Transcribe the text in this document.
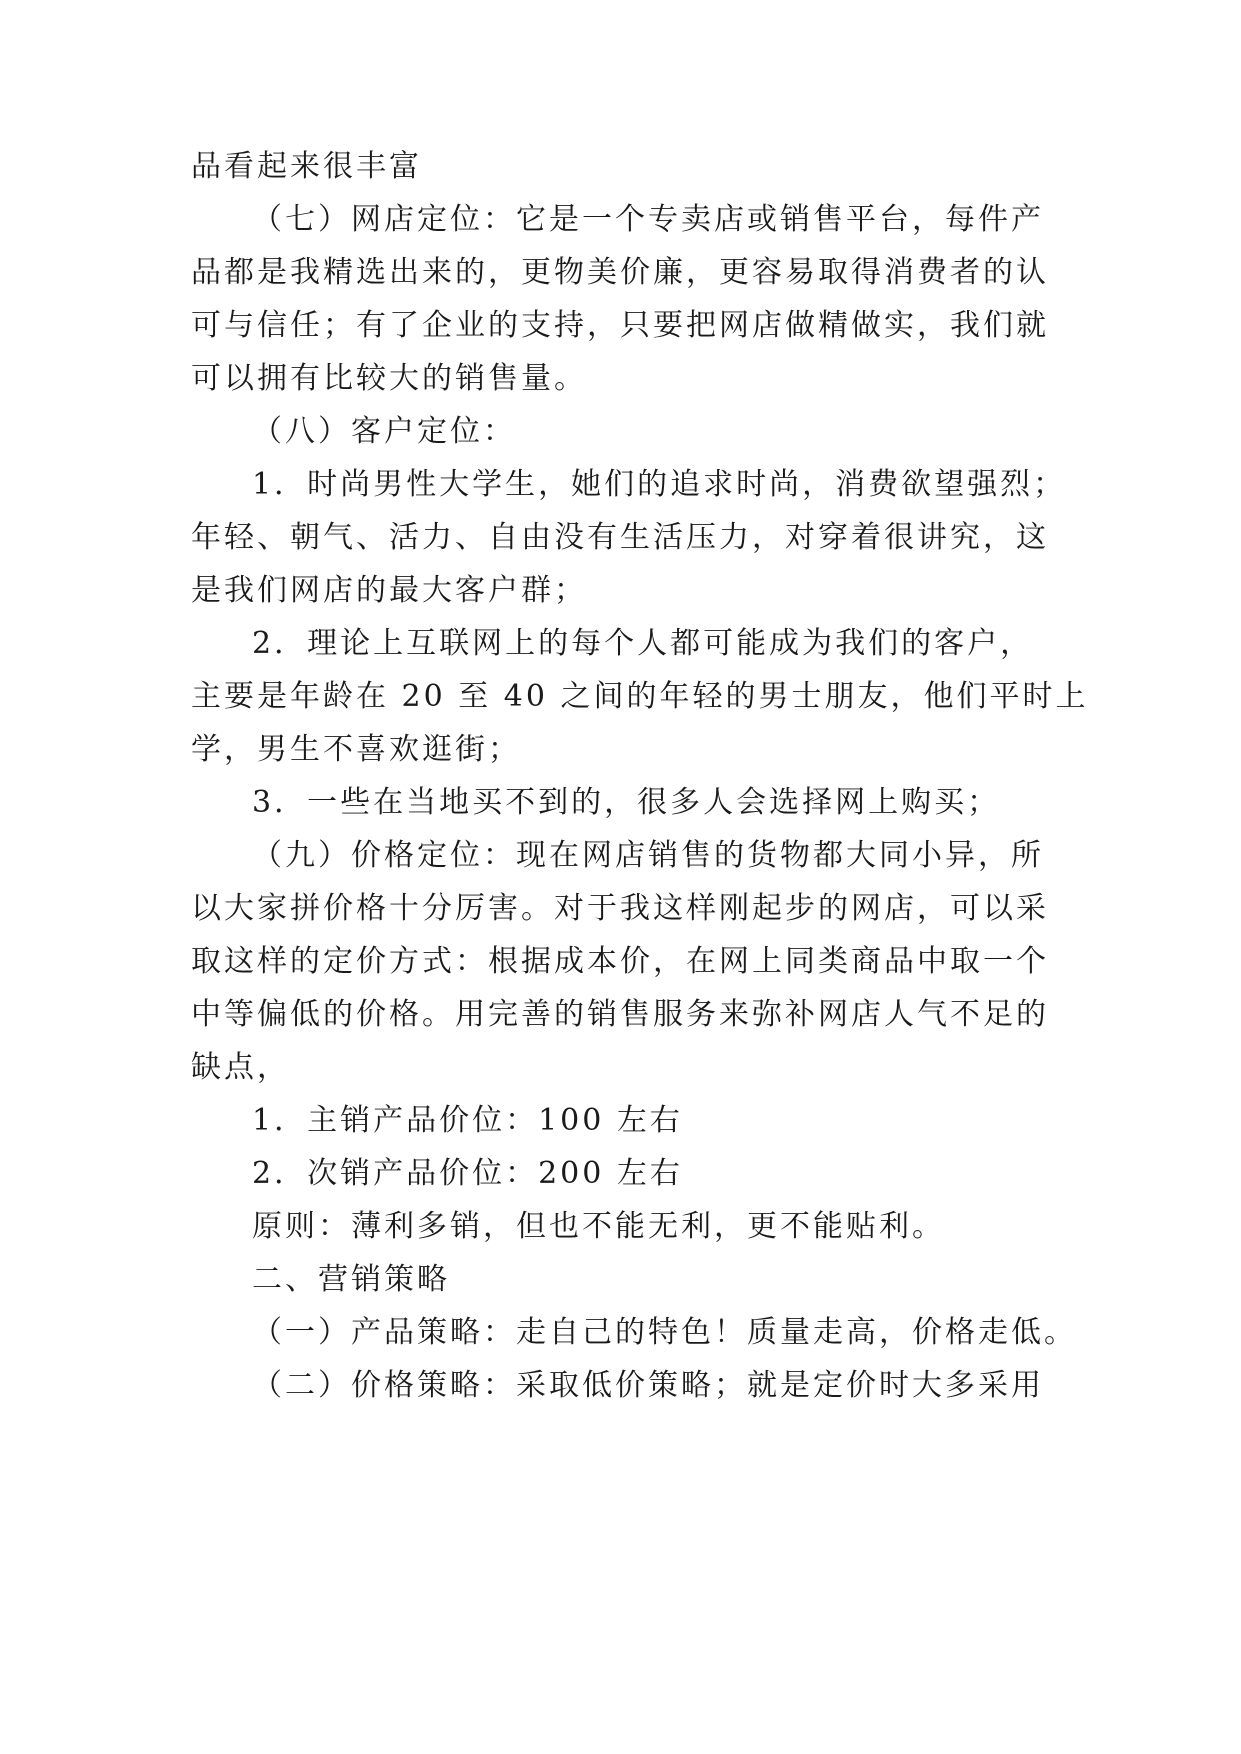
品看起来很丰富
（七）网店定位：它是一个专卖店或销售平台，每件产
品都是我精选出来的，更物美价廉，更容易取得消费者的认
可与信任；有了企业的支持，只要把网店做精做实，我们就
可以拥有比较大的销售量。
（八）客户定位：
1．时尚男性大学生，她们的追求时尚，消费欲望强烈；
年轻、朝气、活力、自由没有生活压力，对穿着很讲究，这
是我们网店的最大客户群；
2．理论上互联网上的每个人都可能成为我们的客户，
主要是年龄在 20 至 40 之间的年轻的男士朋友，他们平时上
学，男生不喜欢逛街；
3．一些在当地买不到的，很多人会选择网上购买；
（九）价格定位：现在网店销售的货物都大同小异，所
以大家拼价格十分厉害。对于我这样刚起步的网店，可以采
取这样的定价方式：根据成本价，在网上同类商品中取一个
中等偏低的价格。用完善的销售服务来弥补网店人气不足的
缺点，
1．主销产品价位：100 左右
2．次销产品价位：200 左右
原则：薄利多销，但也不能无利，更不能贴利。
二、营销策略
（一）产品策略：走自己的特色！质量走高，价格走低。
（二）价格策略：采取低价策略；就是定价时大多采用
